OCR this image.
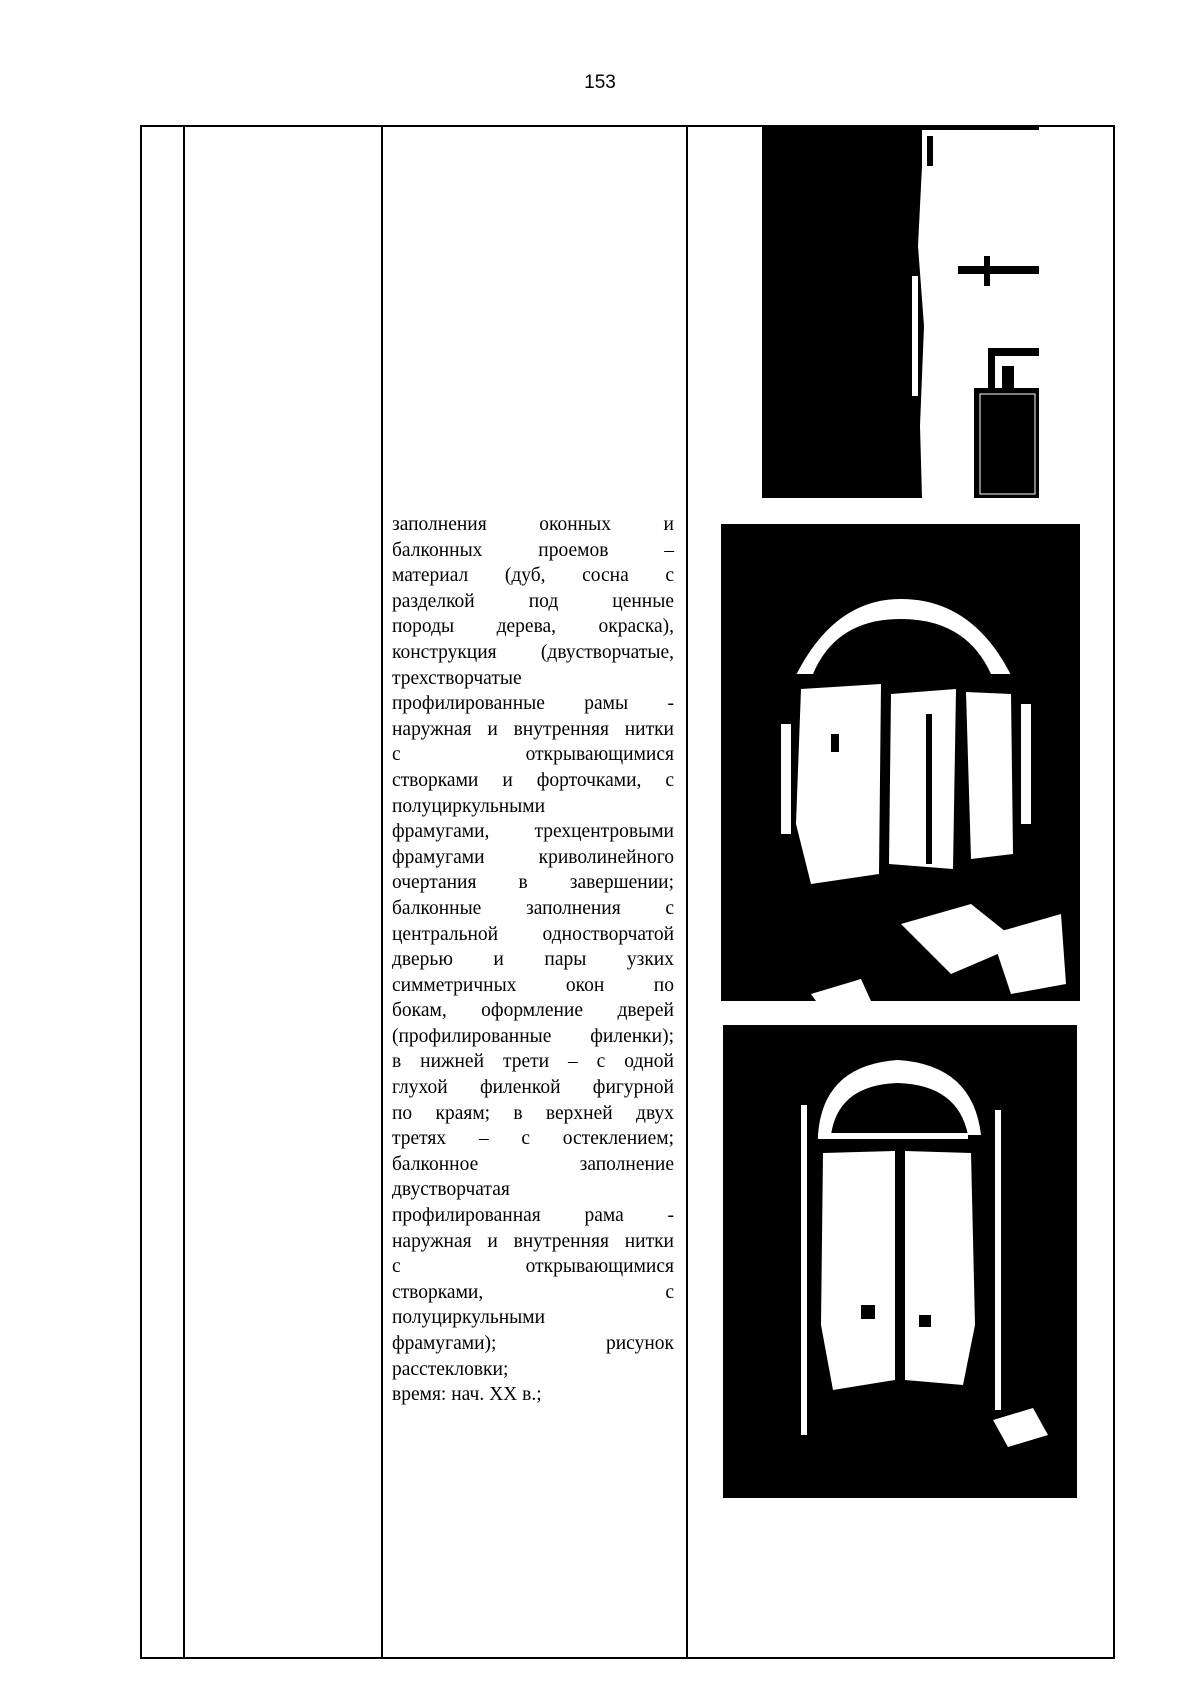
153

заполнения оконных и

балконных проемов –

материал (дуб, сосна с

разделкой под ценные

породы дерева, окраска),

конструкция (двустворчатые,

трехстворчатые

профилированные рамы -

наружная и внутренняя нитки

с открывающимися

створками и форточками, с

полуциркульными

фрамугами, трехцентровыми

фрамугами криволинейного

очертания в завершении;

балконные заполнения с

центральной одностворчатой

дверью и пары узких

симметричных окон по

бокам, оформление дверей

(профилированные филенки);

в нижней трети – с одной

глухой филенкой фигурной

по краям; в верхней двух

третях – с остеклением;

балконное заполнение

двустворчатая

профилированная рама -

наружная и внутренняя нитки

с открывающимися

створками, с

полуциркульными

фрамугами); рисунок

расстекловки;

время: нач. XX в.;
